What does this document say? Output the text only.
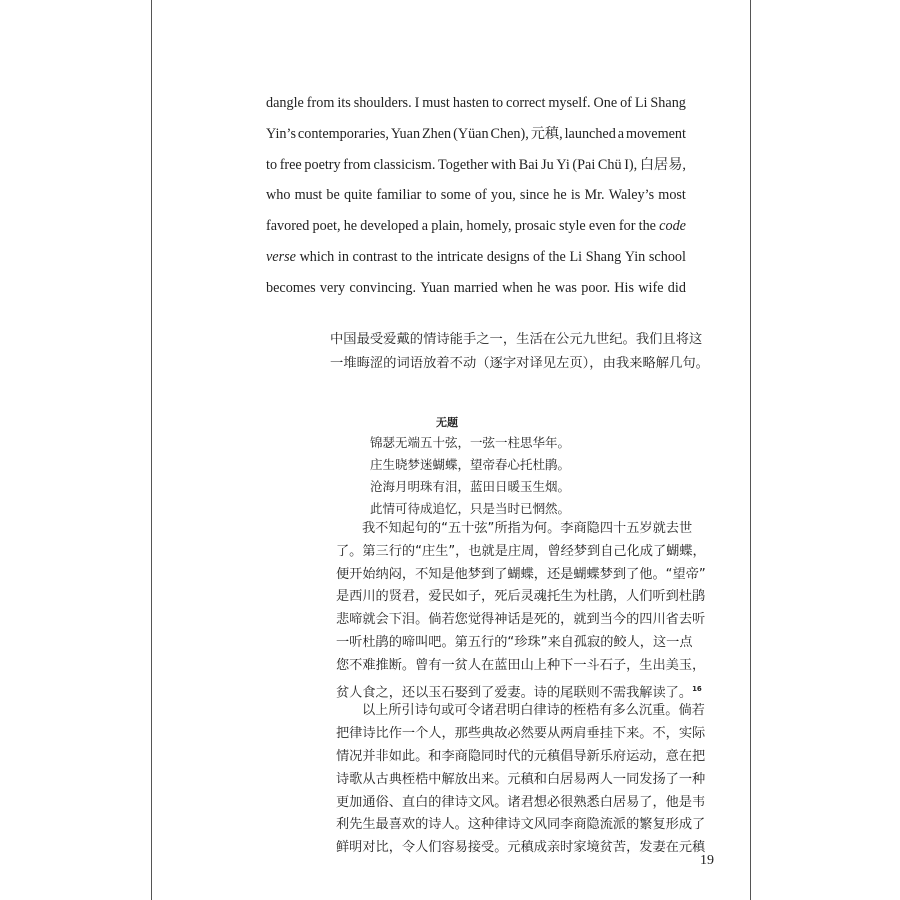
dangle from its shoulders. I must hasten to correct myself. One of Li Shang
Yin’s contemporaries, Yuan Zhen (Yüan Chen), 元稹, launched a movement
to free poetry from classicism. Together with Bai Ju Yi (Pai Chü I), 白居易,
who must be quite familiar to some of you, since he is Mr. Waley’s most
favored poet, he developed a plain, homely, prosaic style even for the code
verse which in contrast to the intricate designs of the Li Shang Yin school
becomes very convincing. Yuan married when he was poor. His wife did
中国最受爱戴的情诗能手之一，生活在公元九世纪。我们且将这
一堆晦涩的词语放着不动（逐字对译见左页），由我来略解几句。
无题
锦瑟无端五十弦，一弦一柱思华年。
庄生晓梦迷蝴蝶，望帝春心托杜鹃。
沧海月明珠有泪，蓝田日暖玉生烟。
此情可待成追忆，只是当时已惘然。
我不知起句的“五十弦”所指为何。李商隐四十五岁就去世
了。第三行的“庄生”，也就是庄周，曾经梦到自己化成了蝴蝶，
便开始纳闷，不知是他梦到了蝴蝶，还是蝴蝶梦到了他。“望帝”
是西川的贤君，爱民如子，死后灵魂托生为杜鹃，人们听到杜鹃
悲啼就会下泪。倘若您觉得神话是死的，就到当今的四川省去听
一听杜鹃的啼叫吧。第五行的“珍珠”来自孤寂的鲛人，这一点
您不难推断。曾有一贫人在蓝田山上种下一斗石子，生出美玉，
贫人食之，还以玉石娶到了爱妻。诗的尾联则不需我解读了。$^{16}$
以上所引诗句或可令诸君明白律诗的桎梏有多么沉重。倘若
把律诗比作一个人，那些典故必然要从两肩垂挂下来。不，实际
情况并非如此。和李商隐同时代的元稹倡导新乐府运动，意在把
诗歌从古典桎梏中解放出来。元稹和白居易两人一同发扬了一种
更加通俗、直白的律诗文风。诸君想必很熟悉白居易了，他是韦
利先生最喜欢的诗人。这种律诗文风同李商隐流派的繁复形成了
鲜明对比，令人们容易接受。元稹成亲时家境贫苦，发妻在元稹
19
